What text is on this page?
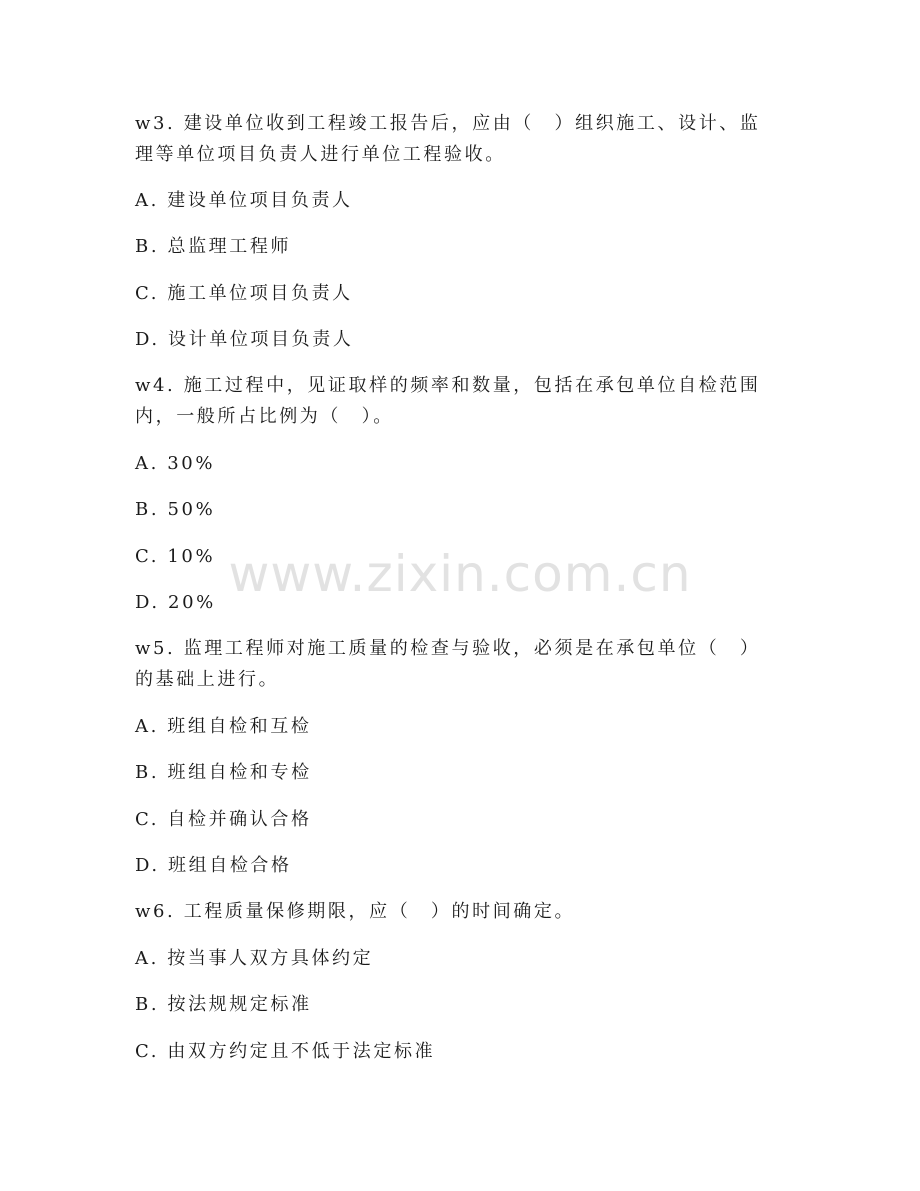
www.zixin.com.cn
w3. 建设单位收到工程竣工报告后，应由（　）组织施工、设计、监
理等单位项目负责人进行单位工程验收。
A. 建设单位项目负责人
B. 总监理工程师
C. 施工单位项目负责人
D. 设计单位项目负责人
w4. 施工过程中，见证取样的频率和数量，包括在承包单位自检范围
内，一般所占比例为（　）。
A. 30%
B. 50%
C. 10%
D. 20%
w5. 监理工程师对施工质量的检查与验收，必须是在承包单位（　）
的基础上进行。
A. 班组自检和互检
B. 班组自检和专检
C. 自检并确认合格
D. 班组自检合格
w6. 工程质量保修期限，应（　）的时间确定。
A. 按当事人双方具体约定
B. 按法规规定标准
C. 由双方约定且不低于法定标准
